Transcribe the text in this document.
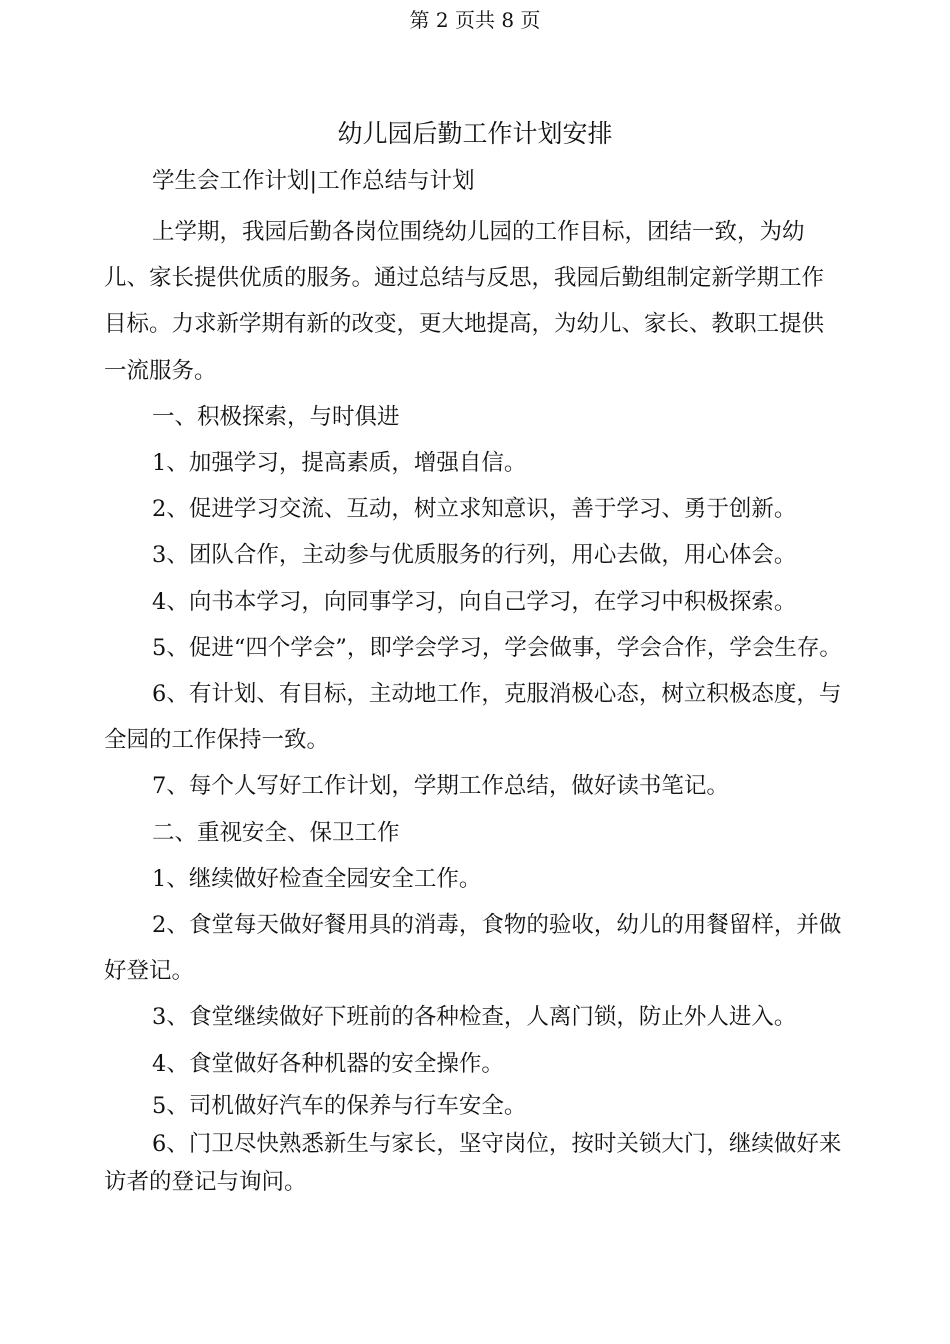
第 2 页共 8 页
幼儿园后勤工作计划安排
学生会工作计划|工作总结与计划

上学期，我园后勤各岗位围绕幼儿园的工作目标，团结一致，为幼儿、家长提供优质的服务。通过总结与反思，我园后勤组制定新学期工作目标。力求新学期有新的改变，更大地提高，为幼儿、家长、教职工提供一流服务。

一、积极探索，与时俱进

1、加强学习，提高素质，增强自信。

2、促进学习交流、互动，树立求知意识，善于学习、勇于创新。

3、团队合作，主动参与优质服务的行列，用心去做，用心体会。

4、向书本学习，向同事学习，向自己学习，在学习中积极探索。

5、促进“四个学会”，即学会学习，学会做事，学会合作，学会生存。

6、有计划、有目标，主动地工作，克服消极心态，树立积极态度，与全园的工作保持一致。

7、每个人写好工作计划，学期工作总结，做好读书笔记。

二、重视安全、保卫工作

1、继续做好检查全园安全工作。

2、食堂每天做好餐用具的消毒，食物的验收，幼儿的用餐留样，并做好登记。

3、食堂继续做好下班前的各种检查，人离门锁，防止外人进入。

4、食堂做好各种机器的安全操作。

5、司机做好汽车的保养与行车安全。

6、门卫尽快熟悉新生与家长，坚守岗位，按时关锁大门，继续做好来访者的登记与询问。
